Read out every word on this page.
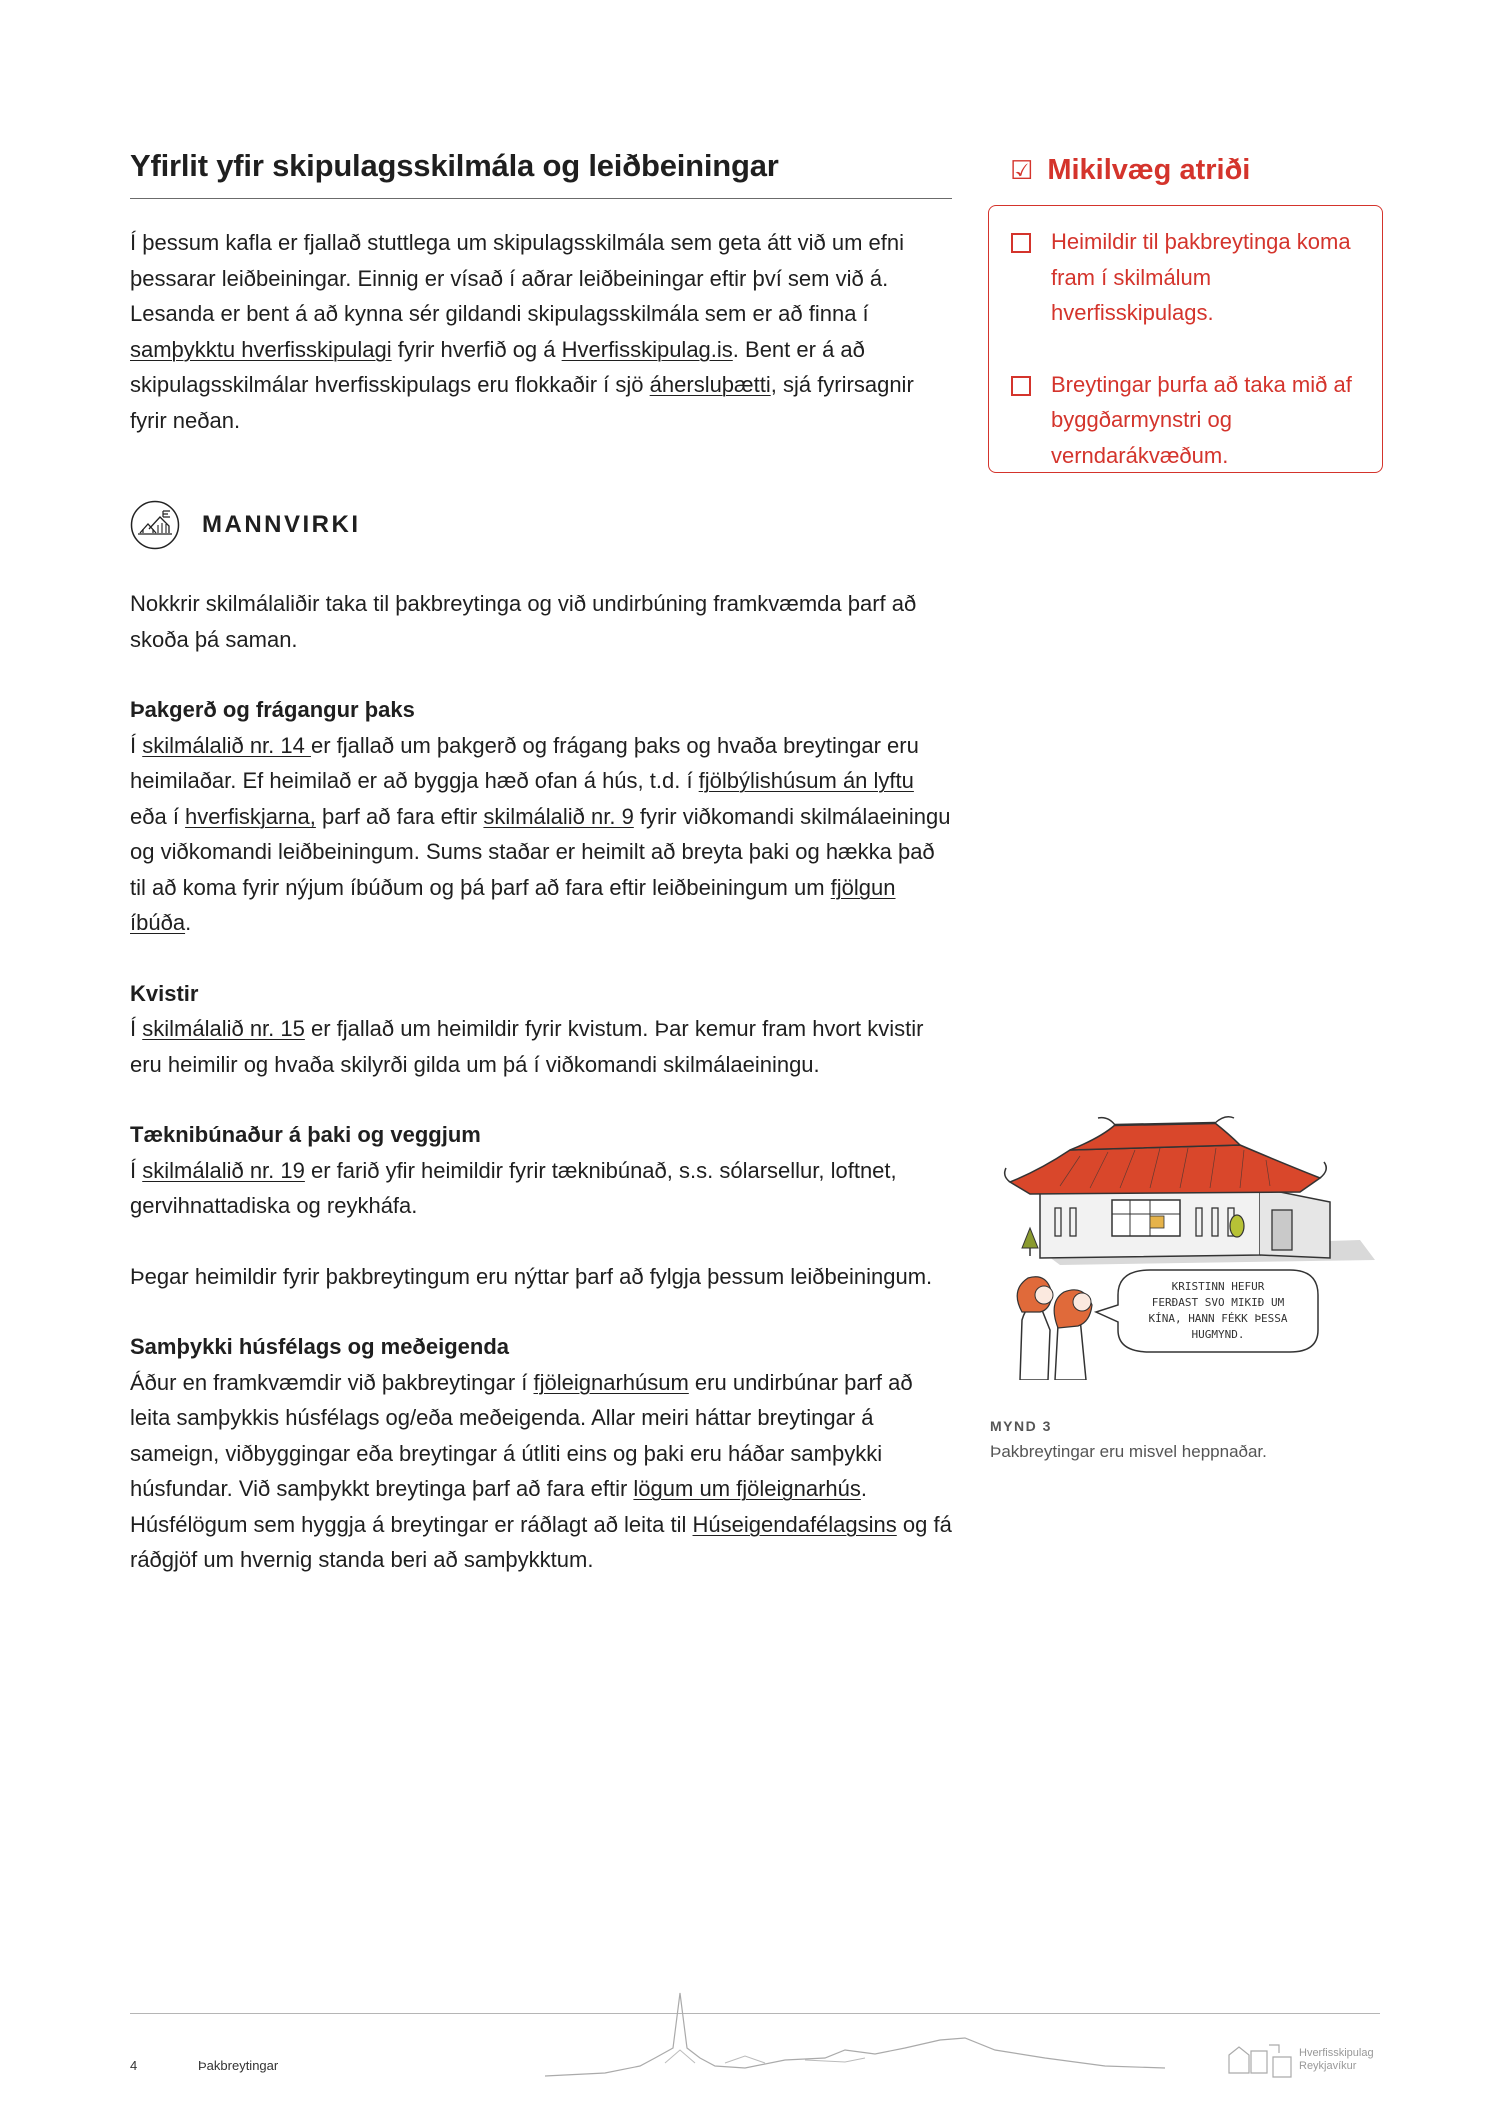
Yfirlit yfir skipulagsskilmála og leiðbeiningar

Í þessum kafla er fjallað stuttlega um skipulagsskilmála sem geta átt við um efni þessarar leiðbeiningar. Einnig er vísað í aðrar leiðbeiningar eftir því sem við á. Lesanda er bent á að kynna sér gildandi skipulagsskilmála sem er að finna í samþykktu hverfisskipulagi fyrir hverfið og á Hverfisskipulag.is. Bent er á að skipulagsskilmálar hverfisskipulags eru flokkaðir í sjö áhersluþætti, sjá fyrirsagnir fyrir neðan.

MANNVIRKI

Nokkrir skilmálaliðir taka til þakbreytinga og við undirbúning framkvæmda þarf að skoða þá saman.

Þakgerð og frágangur þaks

Í skilmálalið nr. 14 er fjallað um þakgerð og frágang þaks og hvaða breytingar eru heimilaðar. Ef heimilað er að byggja hæð ofan á hús, t.d. í fjölbýlishúsum án lyftu eða í hverfiskjarna, þarf að fara eftir skilmálalið nr. 9 fyrir viðkomandi skilmálaeiningu og viðkomandi leiðbeiningum. Sums staðar er heimilt að breyta þaki og hækka það til að koma fyrir nýjum íbúðum og þá þarf að fara eftir leiðbeiningum um fjölgun íbúða.

Kvistir

Í skilmálalið nr. 15 er fjallað um heimildir fyrir kvistum. Þar kemur fram hvort kvistir eru heimilir og hvaða skilyrði gilda um þá í viðkomandi skilmálaeiningu.

Tæknibúnaður á þaki og veggjum

Í skilmálalið nr. 19 er farið yfir heimildir fyrir tæknibúnað, s.s. sólarsellur, loftnet, gervihnattadiska og reykháfa.

Þegar heimildir fyrir þakbreytingum eru nýttar þarf að fylgja þessum leiðbeiningum.

Samþykki húsfélags og meðeigenda

Áður en framkvæmdir við þakbreytingar í fjöleignarhúsum eru undirbúnar þarf að leita samþykkis húsfélags og/eða meðeigenda. Allar meiri háttar breytingar á sameign, viðbyggingar eða breytingar á útliti eins og þaki eru háðar samþykki húsfundar. Við samþykkt breytinga þarf að fara eftir lögum um fjöleignarhús. Húsfélögum sem hyggja á breytingar er ráðlagt að leita til Húseigendafélagsins og fá ráðgjöf um hvernig standa beri að samþykktum.

☑ Mikilvæg atriði
Heimildir til þakbreytinga koma fram í skilmálum hverfisskipulags.
Breytingar þurfa að taka mið af byggðarmynstri og verndarákvæðum.
KRISTINN HEFUR
FERÐAST SVO MIKIÐ UM
KÍNA, HANN FÉKK ÞESSA
HUGMYND.
MYND 3
Þakbreytingar eru misvel heppnaðar.
4	Þakbreytingar
Hverfisskipulag
Reykjavíkur
